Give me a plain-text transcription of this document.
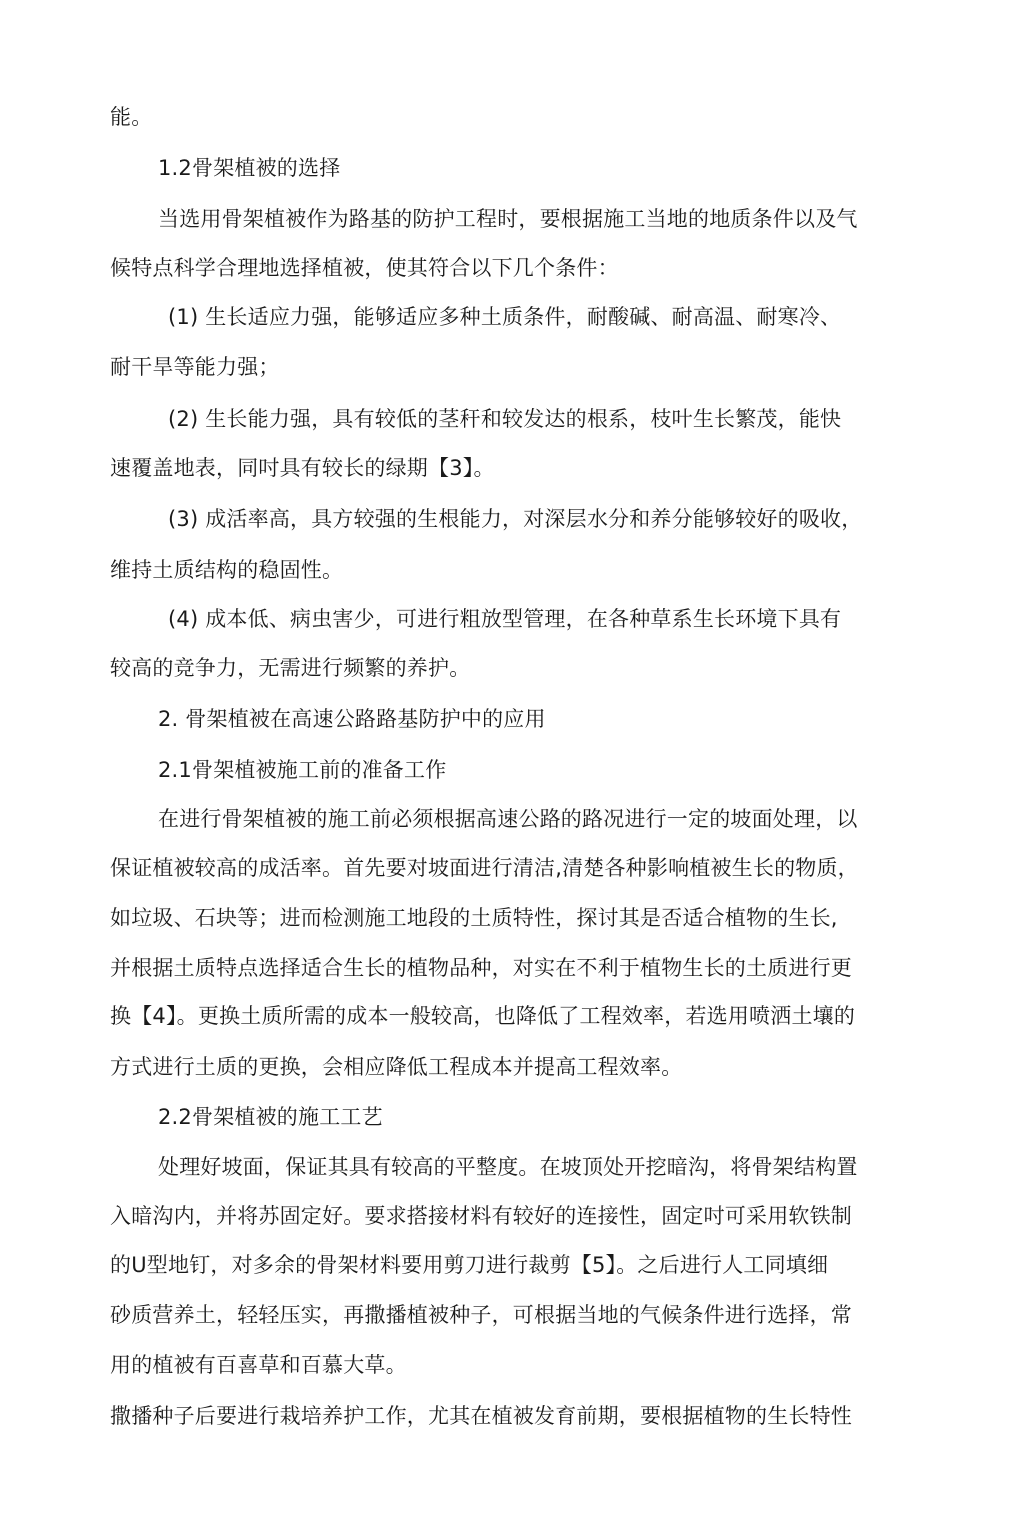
能。
1.2骨架植被的选择
当选用骨架植被作为路基的防护工程时，要根据施工当地的地质条件以及气
候特点科学合理地选择植被，使其符合以下几个条件：
(1) 生长适应力强，能够适应多种土质条件，耐酸碱、耐高温、耐寒冷、
耐干旱等能力强；
(2) 生长能力强，具有较低的茎秆和较发达的根系，枝叶生长繁茂，能快
速覆盖地表，同吋具有较长的绿期【3】。
(3) 成活率高，具方较强的生根能力，对深层水分和养分能够较好的吸收，
维持土质结构的稳固性。
(4) 成本低、病虫害少，可进行粗放型管理，在各种草系生长环境下具有
较高的竞争力，无需进行频繁的养护。
2. 骨架植被在高速公路路基防护中的应用
2.1骨架植被施工前的准备工作
在进行骨架植被的施工前必须根据高速公路的路况进行一定的坡面处理，以
保证植被较高的成活率。首先要对坡面进行清洁,清楚各种影响植被生长的物质，
如垃圾、石块等；进而检测施工地段的土质特性，探讨其是否适合植物的生长,
并根据土质特点选择适合生长的植物品种，对实在不利于植物生长的土质进行更
换【4】。更换土质所需的成本一般较高，也降低了工程效率，若选用喷洒土壤的
方式进行土质的更换，会相应降低工程成本并提高工程效率。
2.2骨架植被的施工工艺
处理好坡面，保证其具有较高的平整度。在坡顶处开挖暗沟，将骨架结构置
入暗沟内，并将苏固定好。要求搭接材料有较好的连接性，固定吋可采用软铁制
的U型地钉，对多余的骨架材料要用剪刀进行裁剪【5】。之后进行人工同填细
砂质营养土，轻轻压实，再撒播植被种子，可根据当地的气候条件进行选择，常
用的植被有百喜草和百慕大草。
撒播种子后要进行栽培养护工作，尤其在植被发育前期，要根据植物的生长特性
